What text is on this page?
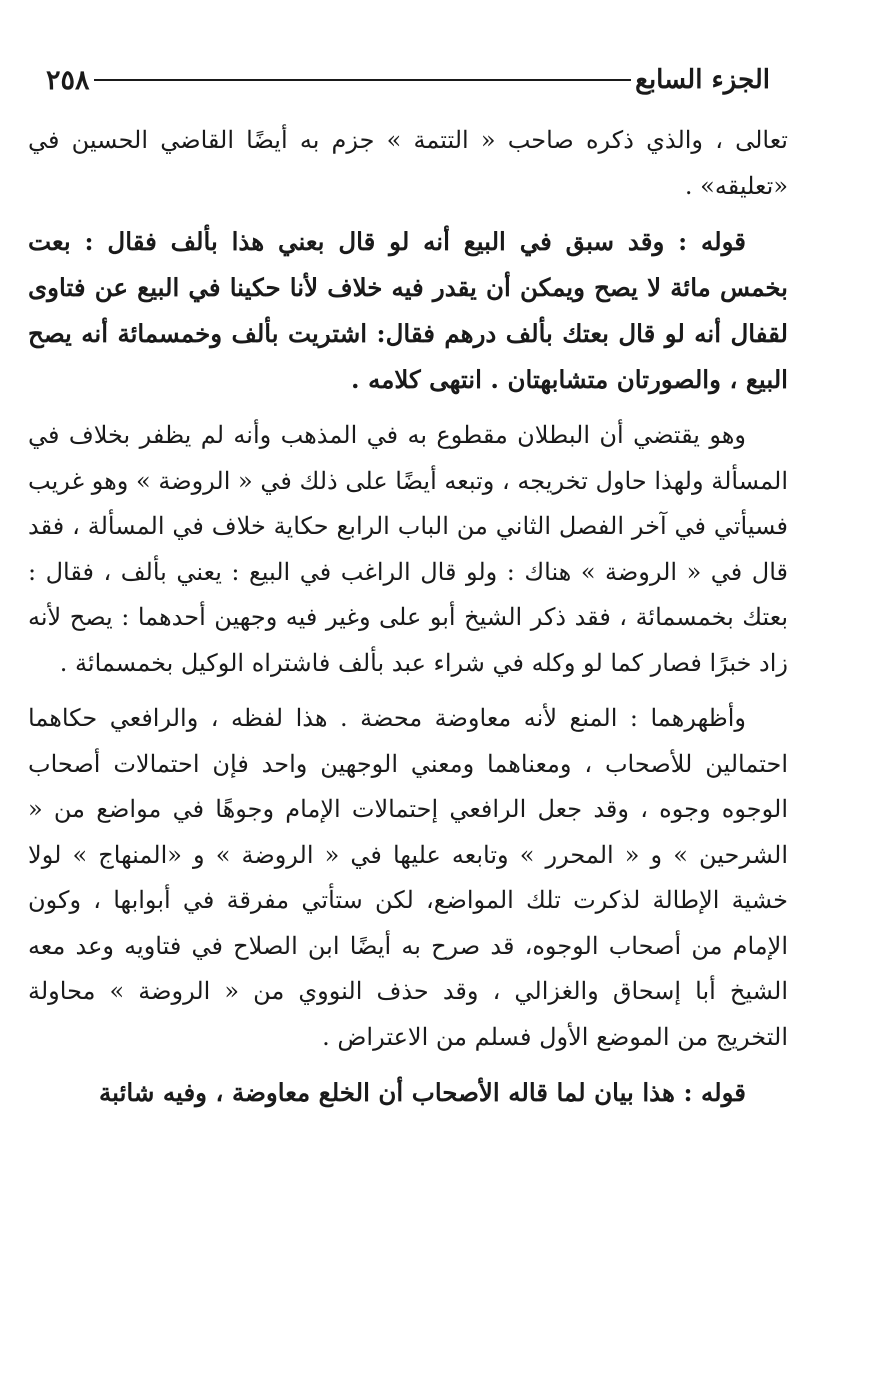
الجزء السابع
٢٥٨

تعالى ، والذي ذكره صاحب « التتمة » جزم به أيضًا القاضي الحسين في «تعليقه» .

قوله : وقد سبق في البيع أنه لو قال بعني هذا بألف فقال : بعت بخمس مائة لا يصح ويمكن أن يقدر فيه خلاف لأنا حكينا في البيع عن فتاوى لقفال أنه لو قال بعتك بألف درهم فقال: اشتريت بألف وخمسمائة أنه يصح البيع ، والصورتان متشابهتان . انتهى كلامه .

وهو يقتضي أن البطلان مقطوع به في المذهب وأنه لم يظفر بخلاف في المسألة ولهذا حاول تخريجه ، وتبعه أيضًا على ذلك في « الروضة » وهو غريب فسيأتي في آخر الفصل الثاني من الباب الرابع حكاية خلاف في المسألة ، فقد قال في « الروضة » هناك : ولو قال الراغب في البيع : يعني بألف ، فقال : بعتك بخمسمائة ، فقد ذكر الشيخ أبو على وغير فيه وجهين أحدهما : يصح لأنه زاد خبرًا فصار كما لو وكله في شراء عبد بألف فاشتراه الوكيل بخمسمائة .

وأظهرهما : المنع لأنه معاوضة محضة . هذا لفظه ، والرافعي حكاهما احتمالين للأصحاب ، ومعناهما ومعني الوجهين واحد فإن احتمالات أصحاب الوجوه وجوه ، وقد جعل الرافعي إحتمالات الإمام وجوهًا في مواضع من « الشرحين » و « المحرر » وتابعه عليها في « الروضة » و «المنهاج » لولا خشية الإطالة لذكرت تلك المواضع، لكن ستأتي مفرقة في أبوابها ، وكون الإمام من أصحاب الوجوه، قد صرح به أيضًا ابن الصلاح في فتاويه وعد معه الشيخ أبا إسحاق والغزالي ، وقد حذف النووي من « الروضة » محاولة التخريج من الموضع الأول فسلم من الاعتراض .

قوله : هذا بيان لما قاله الأصحاب أن الخلع معاوضة ، وفيه شائبة
